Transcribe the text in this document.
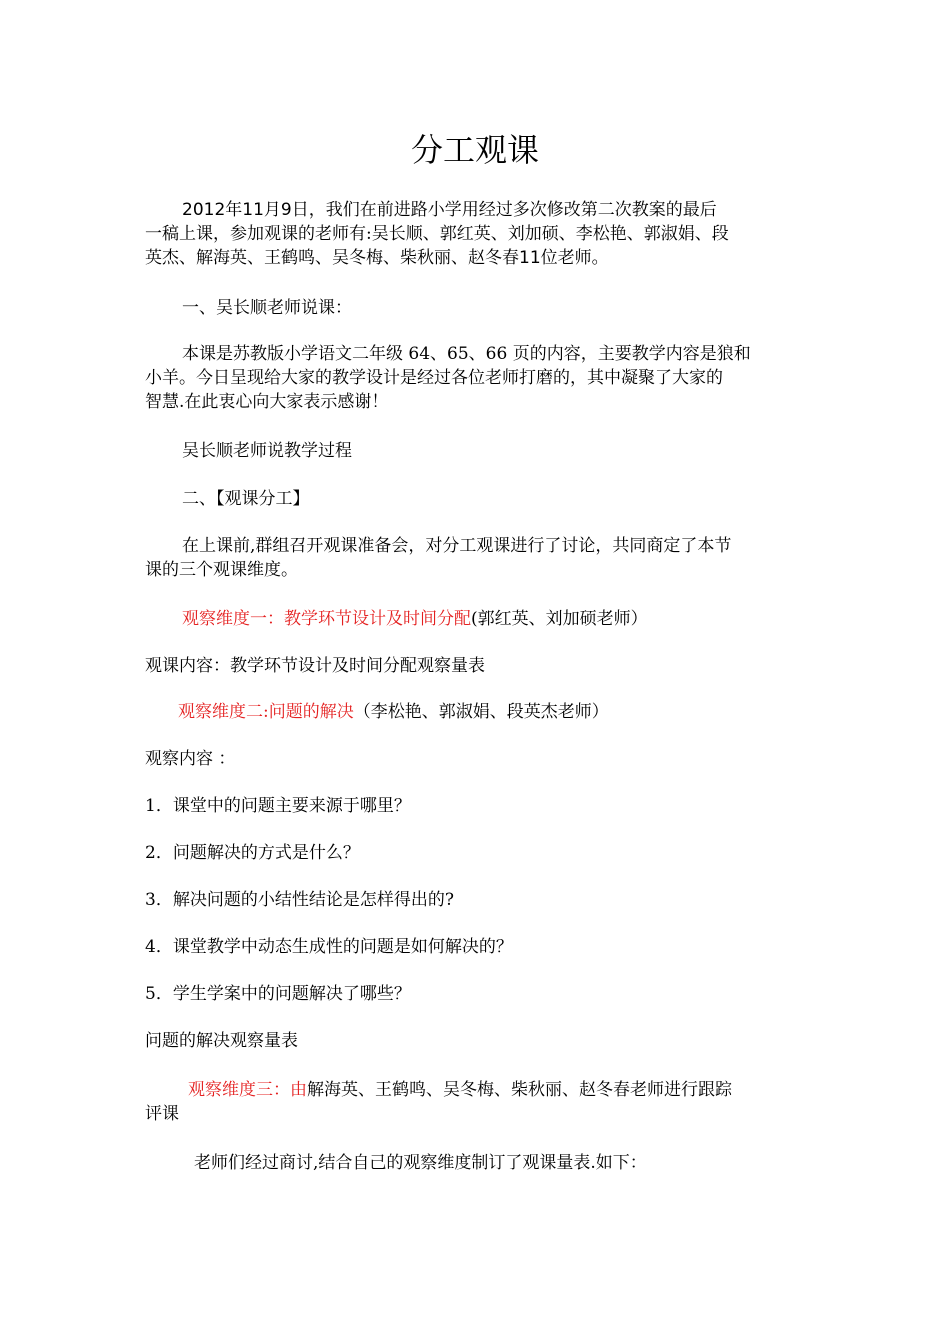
分工观课

2012年11月9日，我们在前进路小学用经过多次修改第二次教案的最后

一稿上课，参加观课的老师有:吴长顺、郭红英、刘加硕、李松艳、郭淑娟、段

英杰、解海英、王鹤鸣、吴冬梅、柴秋丽、赵冬春11位老师。

一、吴长顺老师说课：

本课是苏教版小学语文二年级 64、65、66 页的内容，主要教学内容是狼和

小羊。今日呈现给大家的教学设计是经过各位老师打磨的，其中凝聚了大家的

智慧.在此衷心向大家表示感谢！

吴长顺老师说教学过程

二、【观课分工】

在上课前,群组召开观课准备会，对分工观课进行了讨论，共同商定了本节

课的三个观课维度。

观察维度一：教学环节设计及时间分配(郭红英、刘加硕老师）

观课内容：教学环节设计及时间分配观察量表

观察维度二:问题的解决（李松艳、郭淑娟、段英杰老师）

观察内容 ：

1．课堂中的问题主要来源于哪里？

2．问题解决的方式是什么？

3．解决问题的小结性结论是怎样得出的?

4．课堂教学中动态生成性的问题是如何解决的？

5．学生学案中的问题解决了哪些？

问题的解决观察量表

观察维度三：由解海英、王鹤鸣、吴冬梅、柴秋丽、赵冬春老师进行跟踪

评课

老师们经过商讨,结合自己的观察维度制订了观课量表.如下：
